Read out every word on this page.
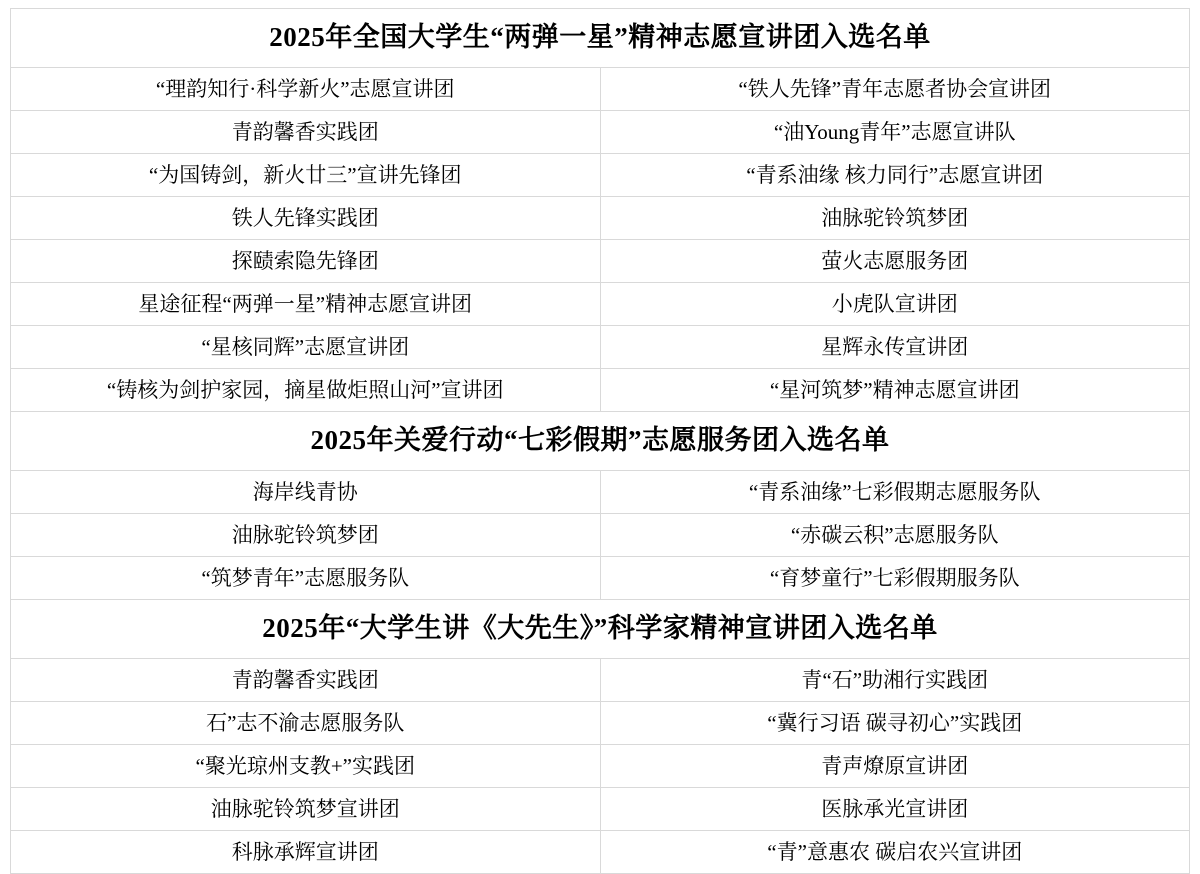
2025年全国大学生“两弹一星”精神志愿宣讲团入选名单	
“理韵知行·科学新火”志愿宣讲团	“铁人先锋”青年志愿者协会宣讲团
青韵馨香实践团	“油Young青年”志愿宣讲队
“为国铸剑，新火廿三”宣讲先锋团	“青系油缘 核力同行”志愿宣讲团
铁人先锋实践团	油脉驼铃筑梦团
探赜索隐先锋团	萤火志愿服务团
星途征程“两弹一星”精神志愿宣讲团	小虎队宣讲团
“星核同辉”志愿宣讲团	星辉永传宣讲团
“铸核为剑护家园，摘星做炬照山河”宣讲团	“星河筑梦”精神志愿宣讲团
2025年关爱行动“七彩假期”志愿服务团入选名单	
海岸线青协	“青系油缘”七彩假期志愿服务队
油脉驼铃筑梦团	“赤碳云积”志愿服务队
“筑梦青年”志愿服务队	“育梦童行”七彩假期服务队
2025年“大学生讲《大先生》”科学家精神宣讲团入选名单	
青韵馨香实践团	青“石”助湘行实践团
石”志不渝志愿服务队	“冀行习语 碳寻初心”实践团
“聚光琼州支教+”实践团	青声燎原宣讲团
油脉驼铃筑梦宣讲团	医脉承光宣讲团
科脉承辉宣讲团	“青”意惠农 碳启农兴宣讲团
